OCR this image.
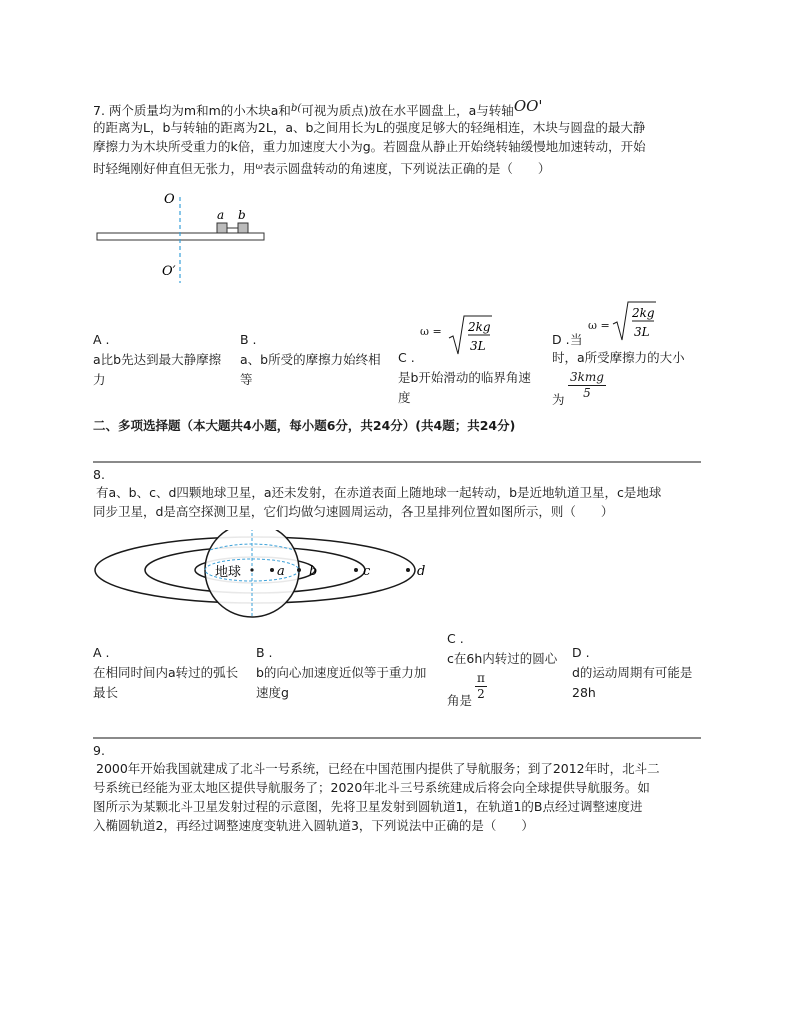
7. 两个质量均为m和m的小木块a和$^{b(}$可视为质点)放在水平圆盘上，a与转轴OO'
的距离为L，b与转轴的距离为2L，a、b之间用长为L的强度足够大的轻绳相连，木块与圆盘的最大静
摩擦力为木块所受重力的k倍，重力加速度大小为g。若圆盘从静止开始绕转轴缓慢地加速转动，开始
时轻绳刚好伸直但无张力，用$^\omega$表示圆盘转动的角速度，下列说法正确的是（　　）
O
O′
a b
A .
a比b先达到最大静摩擦
力
B .
a、b所受的摩擦力始终相
等
ω = 2kg
3L
C .
是b开始滑动的临界角速
度
ω =
2kg
3L
D . 当
时，a所受摩擦力的大小
为
3kmg
5
二、多项选择题（本大题共4小题，每小题6分，共24分）(共4题；共24分)
8.
有a、b、c、d四颗地球卫星，a还未发射，在赤道表面上随地球一起转动，b是近地轨道卫星，c是地球
同步卫星，d是高空探测卫星，它们均做匀速圆周运动，各卫星排列位置如图所示，则（　　）
地球	a b	c	d
A .
在相同时间内a转过的弧长
最长
B .
b的向心加速度近似等于重力加
速度g
C .
c在6h内转过的圆心
角是 $\frac{\pi}{2}$
D .
d的运动周期有可能是
28h
9.
2000年开始我国就建成了北斗一号系统，已经在中国范围内提供了导航服务；到了2012年时，北斗二
号系统已经能为亚太地区提供导航服务了；2020年北斗三号系统建成后将会向全球提供导航服务。如
图所示为某颗北斗卫星发射过程的示意图，先将卫星发射到圆轨道1，在轨道1的B点经过调整速度进
入椭圆轨道2，再经过调整速度变轨进入圆轨道3，下列说法中正确的是（　　）
